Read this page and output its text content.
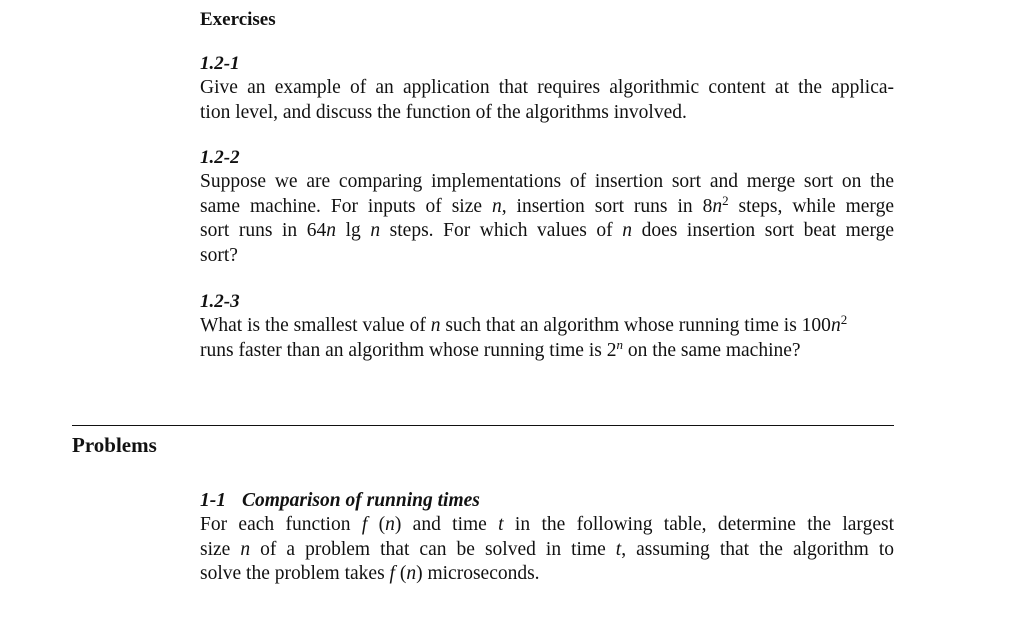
Exercises
1.2-1
Give an example of an application that requires algorithmic content at the applica-
tion level, and discuss the function of the algorithms involved.
1.2-2
Suppose we are comparing implementations of insertion sort and merge sort on the
same machine. For inputs of size n, insertion sort runs in $8n^2$ steps, while merge
sort runs in 64n lg n steps. For which values of n does insertion sort beat merge
sort?
1.2-3
What is the smallest value of n such that an algorithm whose running time is $100n^2$
runs faster than an algorithm whose running time is 2$^n$ on the same machine?
Problems
1-1 Comparison of running times
For each function f (n) and time t in the following table, determine the largest
size n of a problem that can be solved in time t, assuming that the algorithm to
solve the problem takes f (n) microseconds.
